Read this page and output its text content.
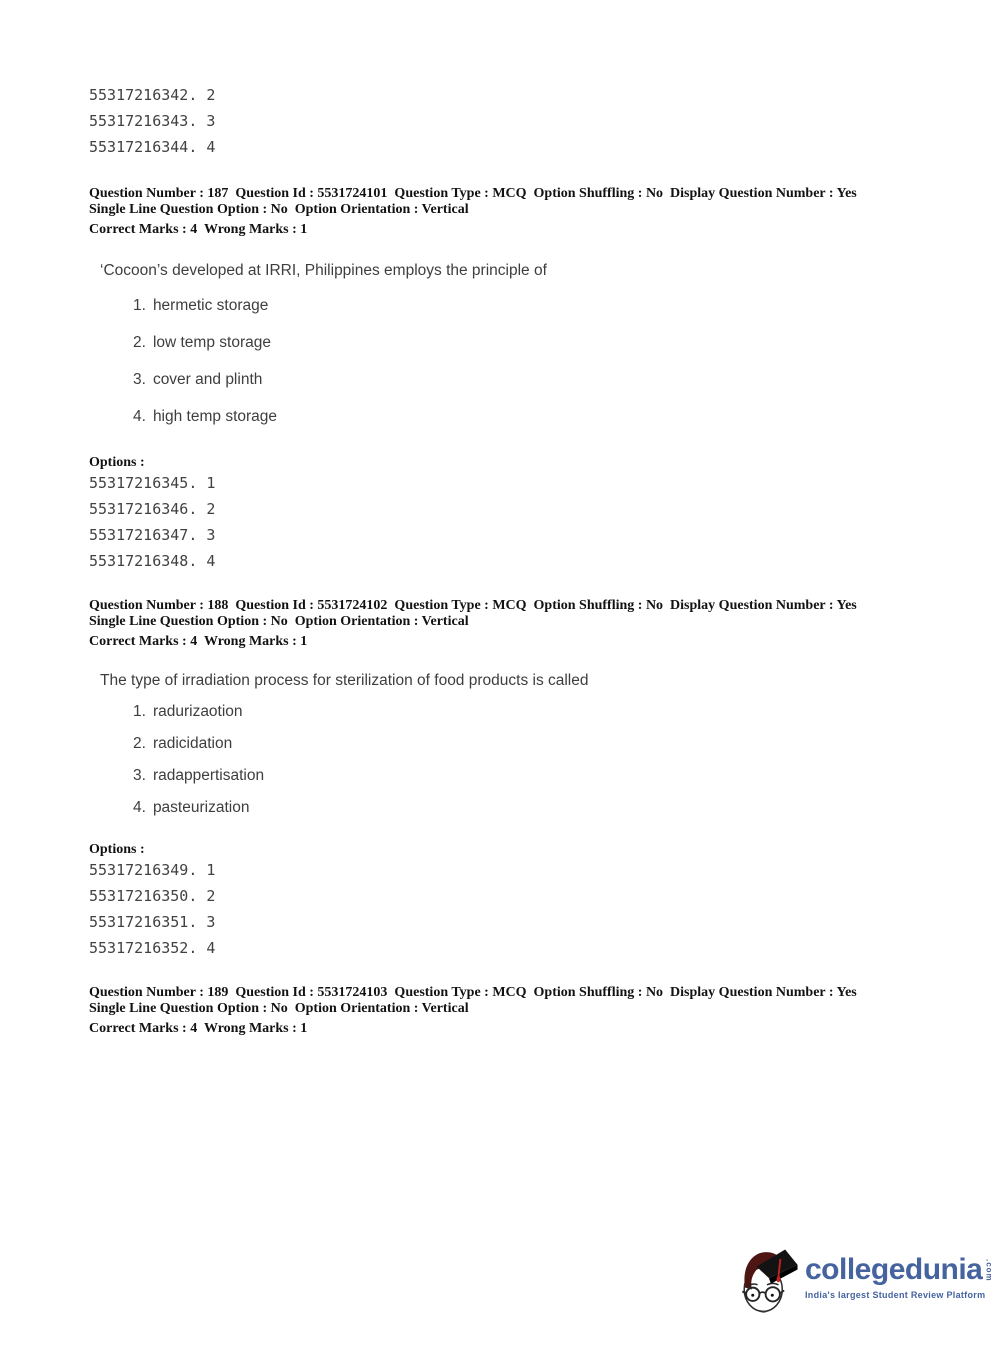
55317216342. 2
55317216343. 3
55317216344. 4
Question Number : 187  Question Id : 5531724101  Question Type : MCQ  Option Shuffling : No  Display Question Number : Yes
Single Line Question Option : No  Option Orientation : Vertical
Correct Marks : 4  Wrong Marks : 1

‘Cocoon’s developed at IRRI, Philippines employs the principle of

1. hermetic storage
2. low temp storage
3. cover and plinth
4. high temp storage
Options :
55317216345. 1
55317216346. 2
55317216347. 3
55317216348. 4
Question Number : 188  Question Id : 5531724102  Question Type : MCQ  Option Shuffling : No  Display Question Number : Yes
Single Line Question Option : No  Option Orientation : Vertical
Correct Marks : 4  Wrong Marks : 1

The type of irradiation process for sterilization of food products is called

1. radurizaotion
2. radicidation
3. radappertisation
4. pasteurization
Options :
55317216349. 1
55317216350. 2
55317216351. 3
55317216352. 4
Question Number : 189  Question Id : 5531724103  Question Type : MCQ  Option Shuffling : No  Display Question Number : Yes
Single Line Question Option : No  Option Orientation : Vertical
Correct Marks : 4  Wrong Marks : 1
collegedunia .com
India's largest Student Review Platform
